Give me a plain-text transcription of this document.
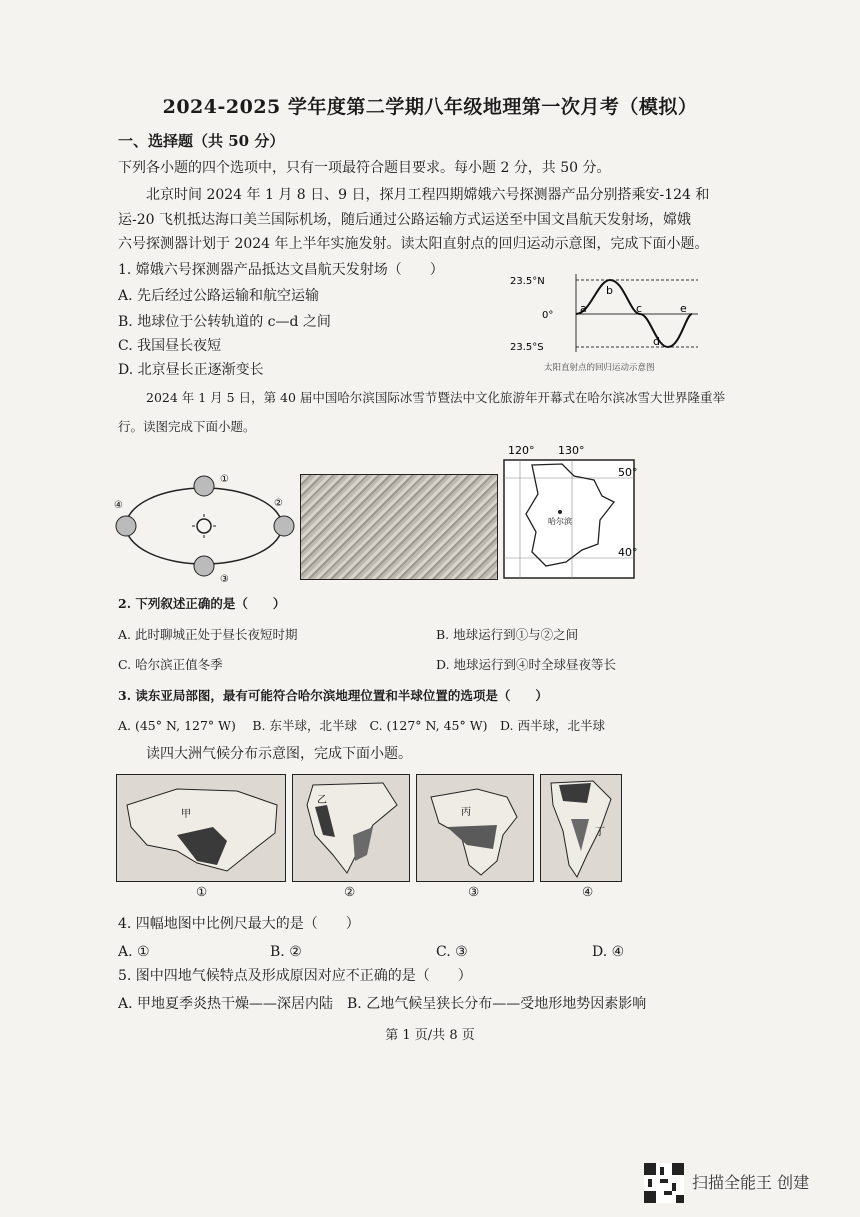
2024-2025 学年度第二学期八年级地理第一次月考（模拟）
一、选择题（共 50 分）
下列各小题的四个选项中，只有一项最符合题目要求。每小题 2 分，共 50 分。
北京时间 2024 年 1 月 8 日、9 日，探月工程四期嫦娥六号探测器产品分别搭乘安-124 和
运-20 飞机抵达海口美兰国际机场，随后通过公路运输方式运送至中国文昌航天发射场，嫦娥
六号探测器计划于 2024 年上半年实施发射。读太阳直射点的回归运动示意图，完成下面小题。
1. 嫦娥六号探测器产品抵达文昌航天发射场（　　）
A. 先后经过公路运输和航空运输
B. 地球位于公转轨道的 c—d 之间
C. 我国昼长夜短
D. 北京昼长正逐渐变长
23.5°N
0°
23.5°S
a
b
c
d
e
太阳直射点的回归运动示意图
2024 年 1 月 5 日，第 40 届中国哈尔滨国际冰雪节暨法中文化旅游年开幕式在哈尔滨冰雪大世界隆重举
行。读图完成下面小题。
①
②
③
④
120° 130°
哈尔滨
50°
40°
2. 下列叙述正确的是（　　）
A. 此时聊城正处于昼长夜短时期	B. 地球运行到①与②之间
C. 哈尔滨正值冬季	D. 地球运行到④时全球昼夜等长
3. 读东亚局部图，最有可能符合哈尔滨地理位置和半球位置的选项是（　　）
A. (45° N, 127° W)　 B. 东半球，北半球　C. (127° N, 45° W)　D. 西半球，北半球
读四大洲气候分布示意图，完成下面小题。
甲
①
乙
②
丙
③
丁
④
4. 四幅地图中比例尺最大的是（　　）
A. ①	B. ②	C. ③	D. ④
5. 图中四地气候特点及形成原因对应不正确的是（　　）
A. 甲地夏季炎热干燥——深居内陆　B. 乙地气候呈狭长分布——受地形地势因素影响
第 1 页/共 8 页
扫描全能王 创建
